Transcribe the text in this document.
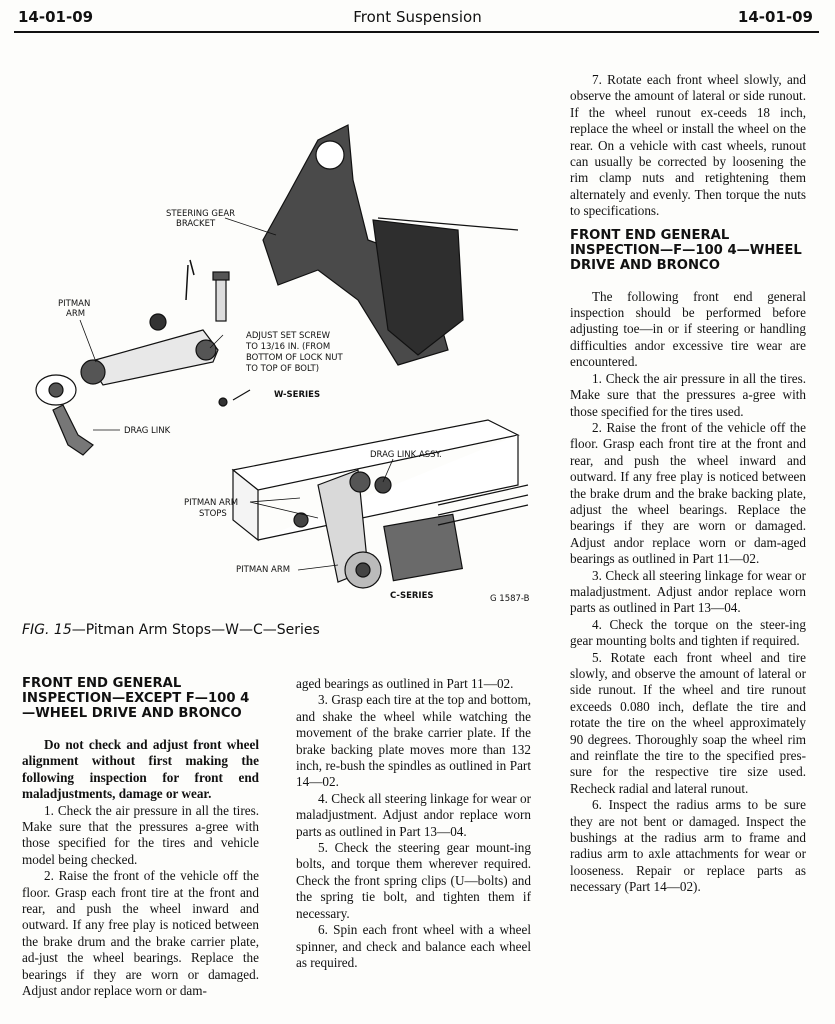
14-01-09	Front Suspension	14-01-09
STEERING GEAR
BRACKET
PITMAN
ARM
ADJUST SET SCREW
TO 13/16 IN. (FROM
BOTTOM OF LOCK NUT
TO TOP OF BOLT)
W-SERIES
DRAG LINK
DRAG LINK ASSY.
PITMAN ARM
STOPS
PITMAN ARM
C-SERIES	G 1587-B
FIG. 15—Pitman Arm Stops—W—C—Series
FRONT END GENERAL INSPECTION—EXCEPT F—100 4—WHEEL DRIVE AND BRONCO

Do not check and adjust front wheel alignment without first making the following inspection for front end maladjustments, damage or wear.

1. Check the air pressure in all the tires. Make sure that the pressures a-gree with those specified for the tires and vehicle model being checked.

2. Raise the front of the vehicle off the floor. Grasp each front tire at the front and rear, and push the wheel inward and outward. If any free play is noticed between the brake drum and the brake carrier plate, ad-just the wheel bearings. Replace the bearings if they are worn or damaged. Adjust andor replace worn or dam-

aged bearings as outlined in Part 11—02.

3. Grasp each tire at the top and bottom, and shake the wheel while watching the movement of the brake carrier plate. If the brake backing plate moves more than 132 inch, re-bush the spindles as outlined in Part 14—02.

4. Check all steering linkage for wear or maladjustment. Adjust andor replace worn parts as outlined in Part 13—04.

5. Check the steering gear mount-ing bolts, and torque them wherever required. Check the front spring clips (U—bolts) and the spring tie bolt, and tighten them if necessary.

6. Spin each front wheel with a wheel spinner, and check and balance each wheel as required.

7. Rotate each front wheel slowly, and observe the amount of lateral or side runout. If the wheel runout ex-ceeds 18 inch, replace the wheel or install the wheel on the rear. On a vehicle with cast wheels, runout can usually be corrected by loosening the rim clamp nuts and retightening them alternately and evenly. Then torque the nuts to specifications.

FRONT END GENERAL INSPECTION—F—100 4—WHEEL DRIVE AND BRONCO

The following front end general inspection should be performed before adjusting toe—in or if steering or handling difficulties andor excessive tire wear are encountered.

1. Check the air pressure in all the tires. Make sure that the pressures a-gree with those specified for the tires used.

2. Raise the front of the vehicle off the floor. Grasp each front tire at the front and rear, and push the wheel inward and outward. If any free play is noticed between the brake drum and the brake backing plate, adjust the wheel bearings. Replace the bearings if they are worn or damaged. Adjust andor replace worn or dam-aged bearings as outlined in Part 11—02.

3. Check all steering linkage for wear or maladjustment. Adjust andor replace worn parts as outlined in Part 13—04.

4. Check the torque on the steer-ing gear mounting bolts and tighten if required.

5. Rotate each front wheel and tire slowly, and observe the amount of lateral or side runout. If the wheel and tire runout exceeds 0.080 inch, deflate the tire and rotate the tire on the wheel approximately 90 degrees. Thoroughly soap the wheel rim and reinflate the tire to the specified pres-sure for the respective tire size used. Recheck radial and lateral runout.

6. Inspect the radius arms to be sure they are not bent or damaged. Inspect the bushings at the radius arm to frame and radius arm to axle attachments for wear or looseness. Repair or replace parts as necessary (Part 14—02).
